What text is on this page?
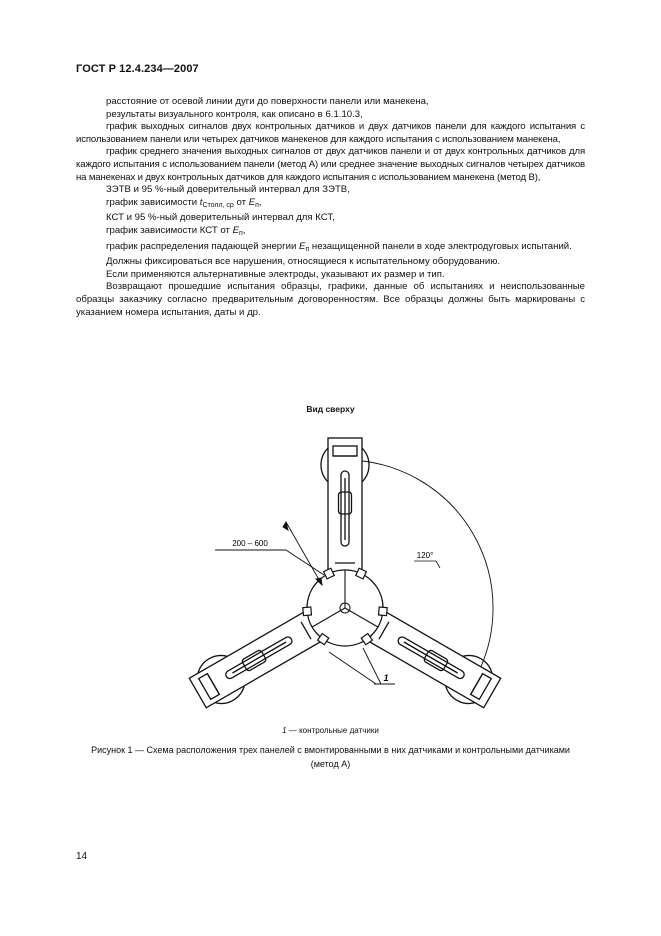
ГОСТ Р 12.4.234—2007

расстояние от осевой линии дуги до поверхности панели или манекена,

результаты визуального контроля, как описано в 6.1.10.3,

график выходных сигналов двух контрольных датчиков и двух датчиков панели для каждого испытания с использованием панели или четырех датчиков манекенов для каждого испытания с использованием манекена,

график среднего значения выходных сигналов от двух датчиков панели и от двух контрольных датчиков для каждого испытания с использованием панели (метод А) или среднее значение выходных сигналов четырех датчиков на манекенах и двух контрольных датчиков для каждого испытания с использованием манекена (метод В),

ЗЭТВ и 95 %-ный доверительный интервал для ЗЭТВ,

график зависимости $t_{Столл, ср}$ от $E_п$,

КСТ и 95 %-ный доверительный интервал для КСТ,

график зависимости КСТ от $E_п$,

график распределения падающей энергии $E_п$ незащищенной панели в ходе электродуговых испытаний.

Должны фиксироваться все нарушения, относящиеся к испытательному оборудованию.

Если применяются альтернативные электроды, указывают их размер и тип.

Возвращают прошедшие испытания образцы, графики, данные об испытаниях и неиспользованные образцы заказчику согласно предварительным договоренностям. Все образцы должны быть маркированы с указанием номера испытания, даты и др.

Вид сверху
200 – 600
120°
1
1 — контрольные датчики
Рисунок 1 — Схема расположения трех панелей с вмонтированными в них датчиками и контрольными датчиками (метод А)
14
